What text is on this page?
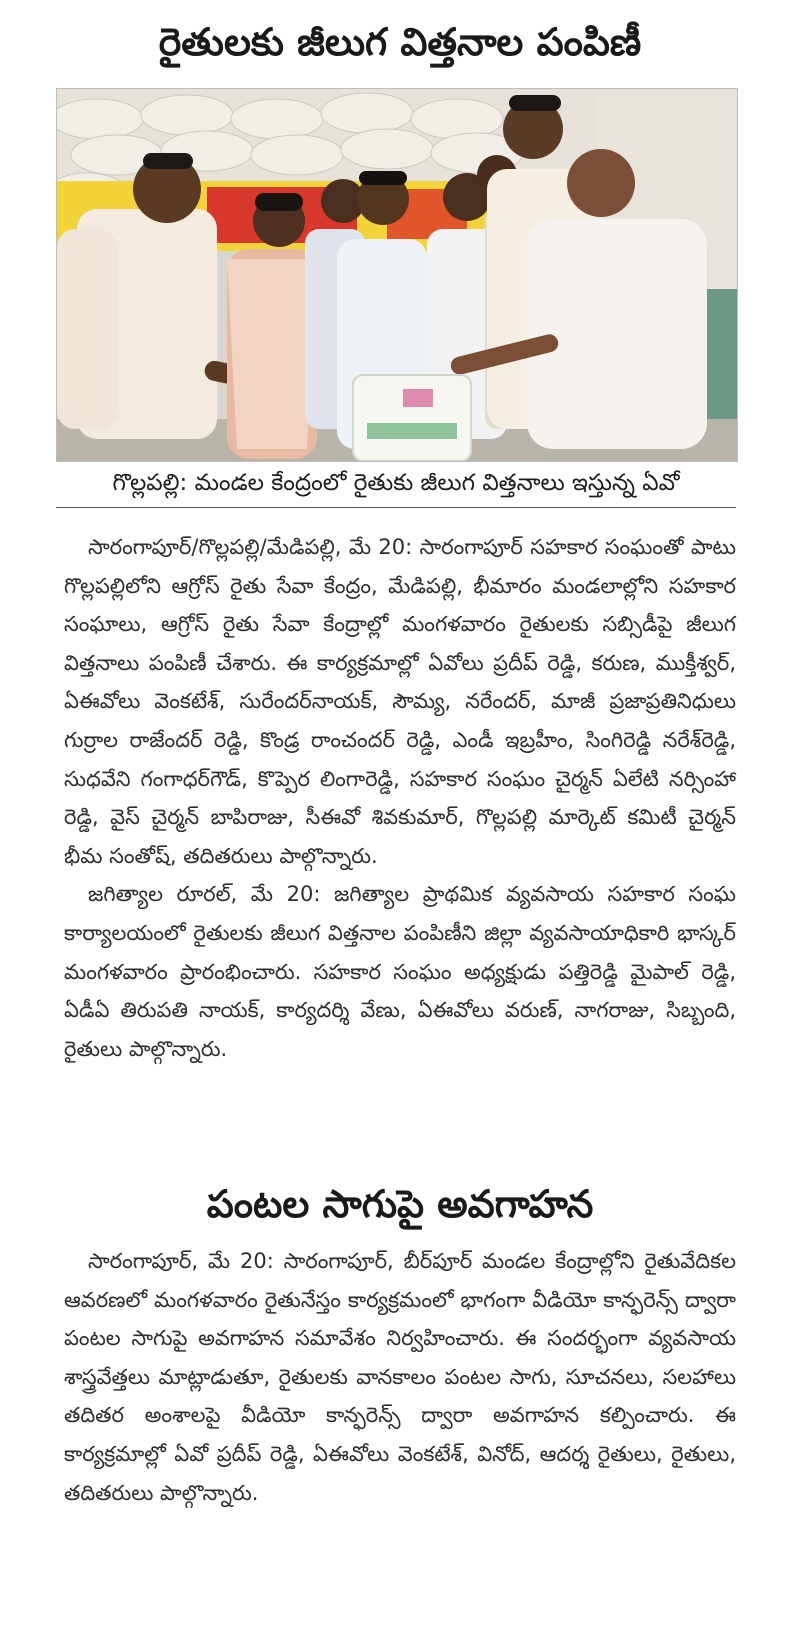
రైతులకు జీలుగ విత్తనాల పంపిణీ
గొల్లపల్లి: మండల కేంద్రంలో రైతుకు జీలుగ విత్తనాలు ఇస్తున్న ఏవో

సారంగాపూర్/గొల్లపల్లి/మేడిపల్లి, మే 20: సారంగాపూర్ సహకార సంఘంతో పాటు గొల్లపల్లిలోని ఆగ్రోస్ రైతు సేవా కేంద్రం, మేడిపల్లి, భీమారం మండలాల్లోని సహకార సంఘాలు, ఆగ్రోస్ రైతు సేవా కేంద్రాల్లో మంగళవారం రైతులకు సబ్సిడీపై జీలుగ విత్తనాలు పంపిణీ చేశారు. ఈ కార్యక్రమాల్లో ఏవోలు ప్రదీప్ రెడ్డి, కరుణ, ముక్తీశ్వర్, ఏఈవోలు వెంకటేశ్, సురేందర్‌నాయక్, సౌమ్య, నరేందర్, మాజీ ప్రజాప్రతినిధులు గుర్రాల రాజేందర్ రెడ్డి, కొండ్ర రాంచందర్ రెడ్డి, ఎండీ ఇబ్రహీం, సింగిరెడ్డి నరేశ్‌రెడ్డి, సుధవేని గంగాధర్‌గౌడ్, కొప్పెర లింగారెడ్డి, సహకార సంఘం చైర్మన్ ఏలేటి నర్సింహా రెడ్డి, వైస్ చైర్మన్ బాపిరాజు, సీఈవో శివకుమార్, గొల్లపల్లి మార్కెట్ కమిటీ చైర్మన్ భీమ సంతోష్, తదితరులు పాల్గొన్నారు.

జగిత్యాల రూరల్, మే 20: జగిత్యాల ప్రాథమిక వ్యవసాయ సహకార సంఘ కార్యాలయంలో రైతులకు జీలుగ విత్తనాల పంపిణీని జిల్లా వ్యవసాయాధికారి భాస్కర్ మంగళవారం ప్రారంభించారు. సహకార సంఘం అధ్యక్షుడు పత్తిరెడ్డి మైపాల్ రెడ్డి, ఏడీఏ తిరుపతి నాయక్, కార్యదర్శి వేణు, ఏఈవోలు వరుణ్, నాగరాజు, సిబ్బంది, రైతులు పాల్గొన్నారు.

పంటల సాగుపై అవగాహన

సారంగాపూర్, మే 20: సారంగాపూర్, బీర్‌పూర్ మండల కేంద్రాల్లోని రైతువేదికల ఆవరణలో మంగళవారం రైతునేస్తం కార్యక్రమంలో భాగంగా వీడియో కాన్ఫరెన్స్ ద్వారా పంటల సాగుపై అవగాహన సమావేశం నిర్వహించారు. ఈ సందర్భంగా వ్యవసాయ శాస్త్రవేత్తలు మాట్లాడుతూ, రైతులకు వానకాలం పంటల సాగు, సూచనలు, సలహాలు తదితర అంశాలపై వీడియో కాన్ఫరెన్స్ ద్వారా అవగాహన కల్పించారు. ఈ కార్యక్రమాల్లో ఏవో ప్రదీప్ రెడ్డి, ఏఈవోలు వెంకటేశ్, వినోద్, ఆదర్శ రైతులు, రైతులు, తదితరులు పాల్గొన్నారు.
